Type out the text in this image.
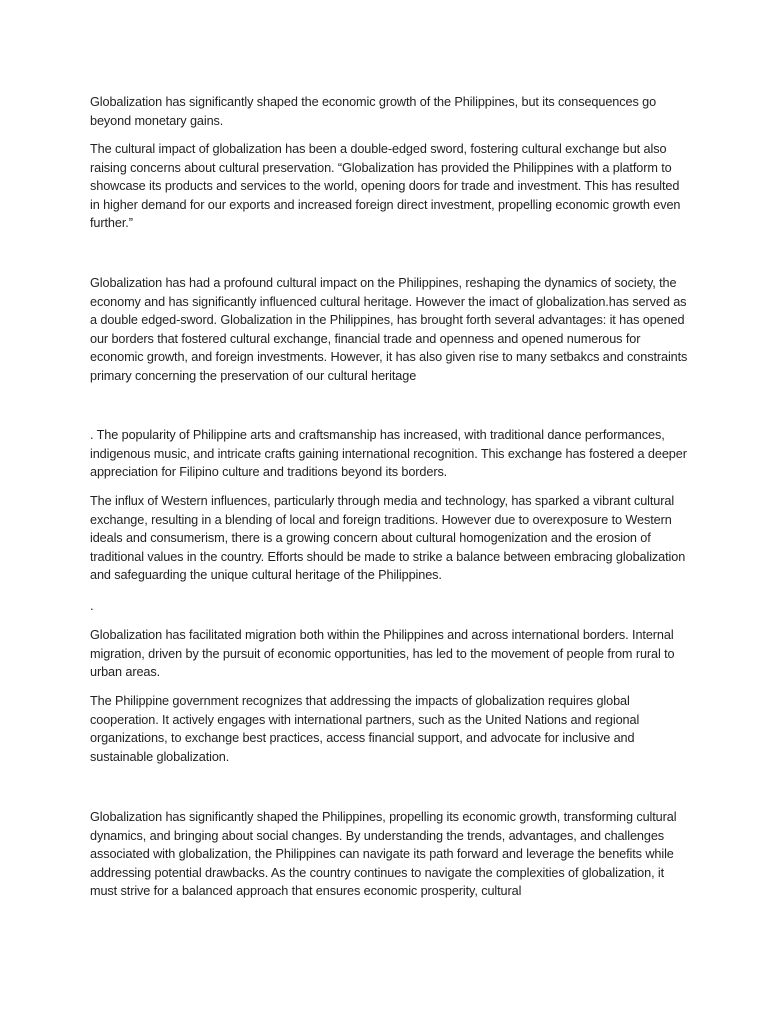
Globalization has significantly shaped the economic growth of the Philippines, but its consequences go beyond monetary gains.

The cultural impact of globalization has been a double-edged sword, fostering cultural exchange but also raising concerns about cultural preservation. “Globalization has provided the Philippines with a platform to showcase its products and services to the world, opening doors for trade and investment. This has resulted in higher demand for our exports and increased foreign direct investment, propelling economic growth even further.”

Globalization has had a profound cultural impact on the Philippines, reshaping the dynamics of society, the economy and has significantly influenced cultural heritage. However the imact of globalization.has served as a double edged-sword. Globalization in the Philippines, has brought forth several advantages: it has opened our borders that fostered cultural exchange, financial trade and openness and opened numerous for economic growth, and foreign investments. However, it has also given rise to many setbakcs and constraints primary concerning the preservation of our cultural heritage

. The popularity of Philippine arts and craftsmanship has increased, with traditional dance performances, indigenous music, and intricate crafts gaining international recognition. This exchange has fostered a deeper appreciation for Filipino culture and traditions beyond its borders.

The influx of Western influences, particularly through media and technology, has sparked a vibrant cultural exchange, resulting in a blending of local and foreign traditions. However due to overexposure to Western ideals and consumerism, there is a growing concern about cultural homogenization and the erosion of traditional values in the country. Efforts should be made to strike a balance between embracing globalization and safeguarding the unique cultural heritage of the Philippines.

.

Globalization has facilitated migration both within the Philippines and across international borders. Internal migration, driven by the pursuit of economic opportunities, has led to the movement of people from rural to urban areas.

The Philippine government recognizes that addressing the impacts of globalization requires global cooperation. It actively engages with international partners, such as the United Nations and regional organizations, to exchange best practices, access financial support, and advocate for inclusive and sustainable globalization.

Globalization has significantly shaped the Philippines, propelling its economic growth, transforming cultural dynamics, and bringing about social changes. By understanding the trends, advantages, and challenges associated with globalization, the Philippines can navigate its path forward and leverage the benefits while addressing potential drawbacks. As the country continues to navigate the complexities of globalization, it must strive for a balanced approach that ensures economic prosperity, cultural
